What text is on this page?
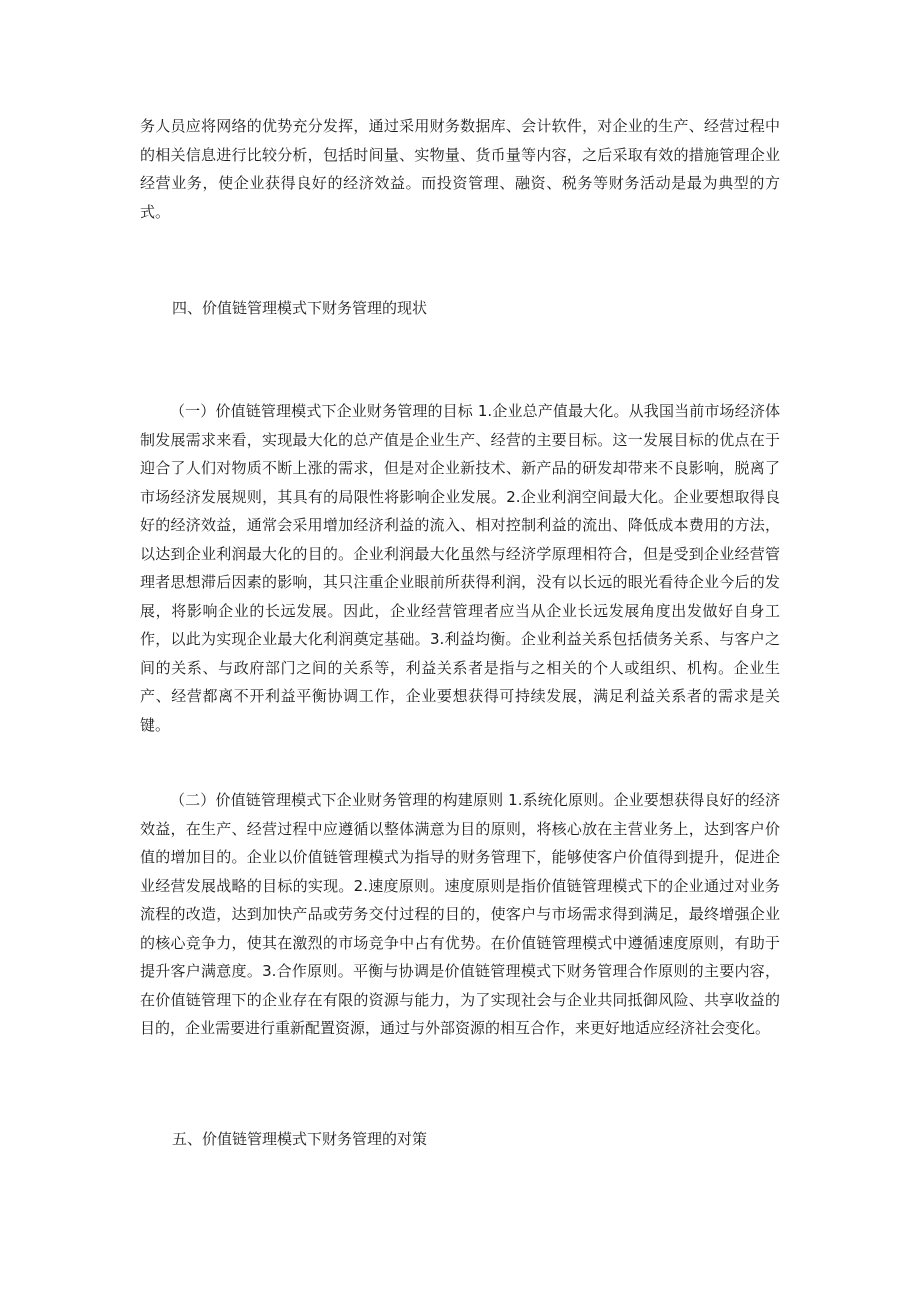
务人员应将网络的优势充分发挥，通过采用财务数据库、会计软件，对企业的生产、经营过程中的相关信息进行比较分析，包括时间量、实物量、货币量等内容，之后采取有效的措施管理企业经营业务，使企业获得良好的经济效益。而投资管理、融资、税务等财务活动是最为典型的方式。

四、价值链管理模式下财务管理的现状

（一）价值链管理模式下企业财务管理的目标 1.企业总产值最大化。从我国当前市场经济体制发展需求来看，实现最大化的总产值是企业生产、经营的主要目标。这一发展目标的优点在于迎合了人们对物质不断上涨的需求，但是对企业新技术、新产品的研发却带来不良影响，脱离了市场经济发展规则，其具有的局限性将影响企业发展。2.企业利润空间最大化。企业要想取得良好的经济效益，通常会采用增加经济利益的流入、相对控制利益的流出、降低成本费用的方法，以达到企业利润最大化的目的。企业利润最大化虽然与经济学原理相符合，但是受到企业经营管理者思想滞后因素的影响，其只注重企业眼前所获得利润，没有以长远的眼光看待企业今后的发展，将影响企业的长远发展。因此，企业经营管理者应当从企业长远发展角度出发做好自身工作，以此为实现企业最大化利润奠定基础。3.利益均衡。企业利益关系包括债务关系、与客户之间的关系、与政府部门之间的关系等，利益关系者是指与之相关的个人或组织、机构。企业生产、经营都离不开利益平衡协调工作，企业要想获得可持续发展，满足利益关系者的需求是关键。

（二）价值链管理模式下企业财务管理的构建原则 1.系统化原则。企业要想获得良好的经济效益，在生产、经营过程中应遵循以整体满意为目的原则，将核心放在主营业务上，达到客户价值的增加目的。企业以价值链管理模式为指导的财务管理下，能够使客户价值得到提升，促进企业经营发展战略的目标的实现。2.速度原则。速度原则是指价值链管理模式下的企业通过对业务流程的改造，达到加快产品或劳务交付过程的目的，使客户与市场需求得到满足，最终增强企业的核心竞争力，使其在激烈的市场竞争中占有优势。在价值链管理模式中遵循速度原则，有助于提升客户满意度。3.合作原则。平衡与协调是价值链管理模式下财务管理合作原则的主要内容，在价值链管理下的企业存在有限的资源与能力，为了实现社会与企业共同抵御风险、共享收益的目的，企业需要进行重新配置资源，通过与外部资源的相互合作，来更好地适应经济社会变化。

五、价值链管理模式下财务管理的对策
